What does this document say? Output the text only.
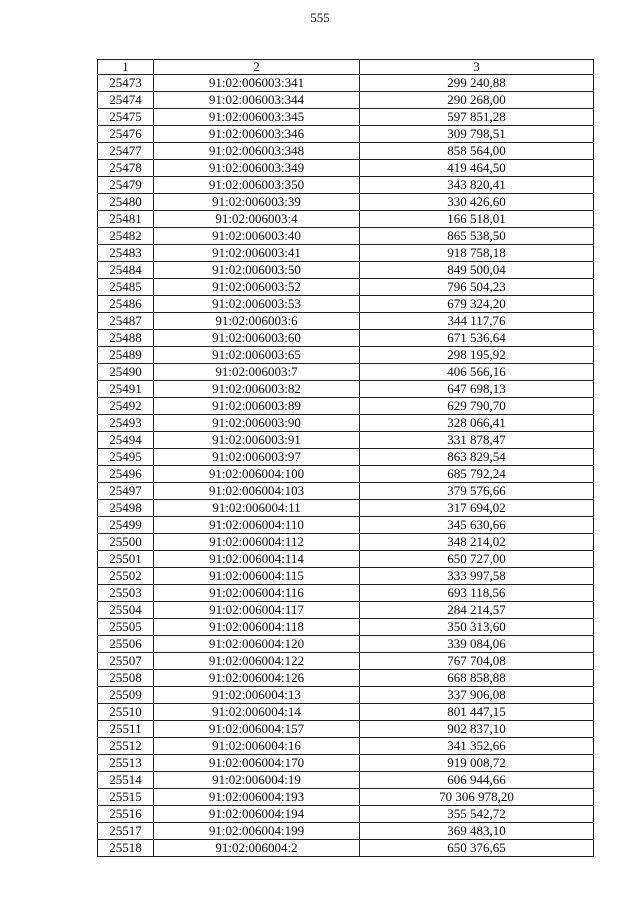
555
1	2	3
25473	91:02:006003:341	299 240,88
25474	91:02:006003:344	290 268,00
25475	91:02:006003:345	597 851,28
25476	91:02:006003:346	309 798,51
25477	91:02:006003:348	858 564,00
25478	91:02:006003:349	419 464,50
25479	91:02:006003:350	343 820,41
25480	91:02:006003:39	330 426,60
25481	91:02:006003:4	166 518,01
25482	91:02:006003:40	865 538,50
25483	91:02:006003:41	918 758,18
25484	91:02:006003:50	849 500,04
25485	91:02:006003:52	796 504,23
25486	91:02:006003:53	679 324,20
25487	91:02:006003:6	344 117,76
25488	91:02:006003:60	671 536,64
25489	91:02:006003:65	298 195,92
25490	91:02:006003:7	406 566,16
25491	91:02:006003:82	647 698,13
25492	91:02:006003:89	629 790,70
25493	91:02:006003:90	328 066,41
25494	91:02:006003:91	331 878,47
25495	91:02:006003:97	863 829,54
25496	91:02:006004:100	685 792,24
25497	91:02:006004:103	379 576,66
25498	91:02:006004:11	317 694,02
25499	91:02:006004:110	345 630,66
25500	91:02:006004:112	348 214,02
25501	91:02:006004:114	650 727,00
25502	91:02:006004:115	333 997,58
25503	91:02:006004:116	693 118,56
25504	91:02:006004:117	284 214,57
25505	91:02:006004:118	350 313,60
25506	91:02:006004:120	339 084,06
25507	91:02:006004:122	767 704,08
25508	91:02:006004:126	668 858,88
25509	91:02:006004:13	337 906,08
25510	91:02:006004:14	801 447,15
25511	91:02:006004:157	902 837,10
25512	91:02:006004:16	341 352,66
25513	91:02:006004:170	919 008,72
25514	91:02:006004:19	606 944,66
25515	91:02:006004:193	70 306 978,20
25516	91:02:006004:194	355 542,72
25517	91:02:006004:199	369 483,10
25518	91:02:006004:2	650 376,65
